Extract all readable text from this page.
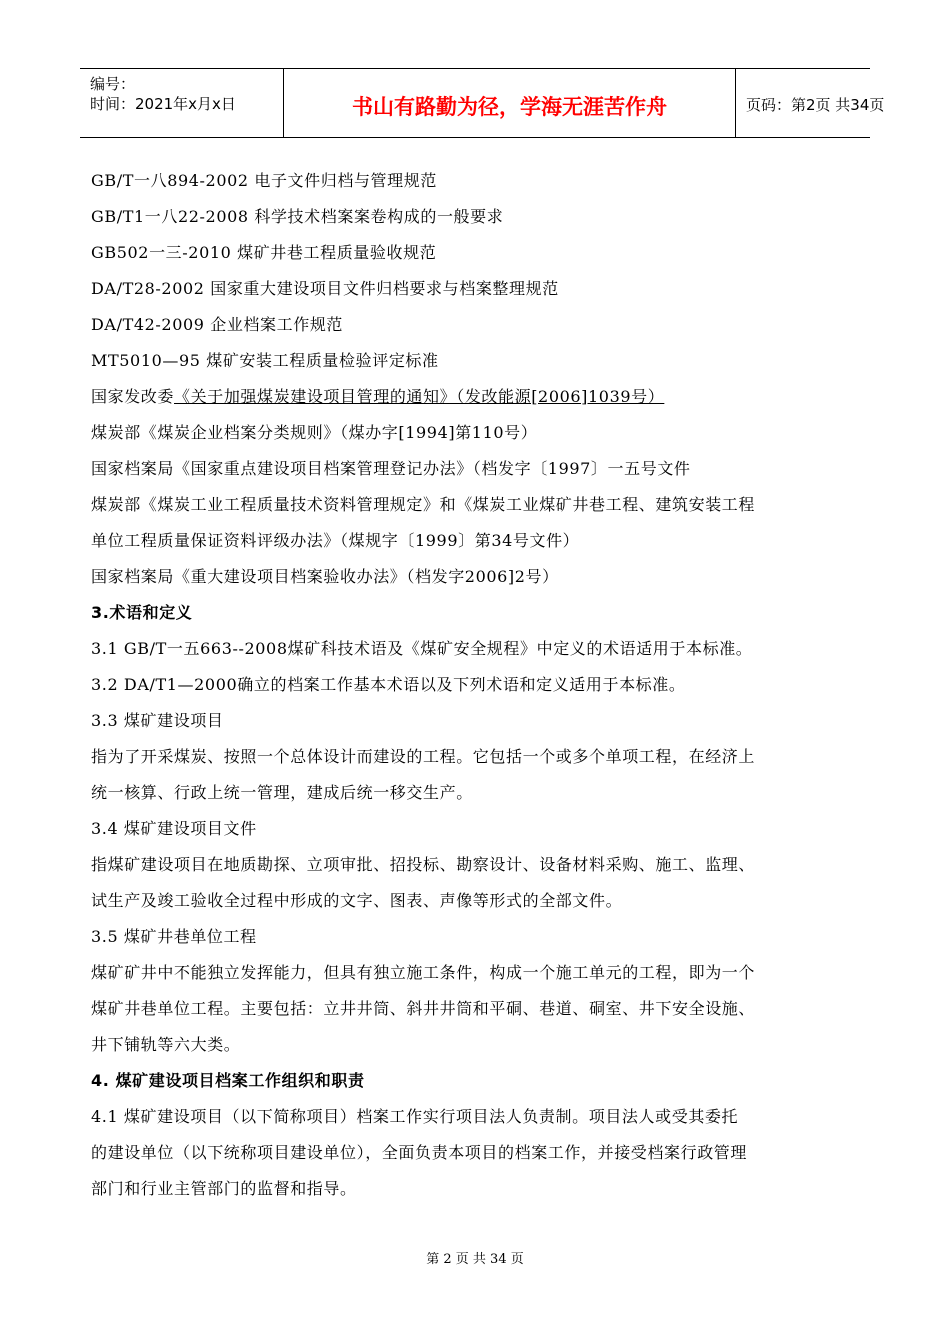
编号：
时间：2021年x月x日	书山有路勤为径，学海无涯苦作舟	页码：第2页 共34页
GB/T一八894-2002 电子文件归档与管理规范
GB/T1一八22-2008 科学技术档案案卷构成的一般要求
GB502一三-2010 煤矿井巷工程质量验收规范
DA/T28-2002 国家重大建设项目文件归档要求与档案整理规范
DA/T42-2009 企业档案工作规范
MT5010—95 煤矿安装工程质量检验评定标准
国家发改委《关于加强煤炭建设项目管理的通知》（发改能源[2006]1039号）
煤炭部《煤炭企业档案分类规则》（煤办字[1994]第110号）
国家档案局《国家重点建设项目档案管理登记办法》（档发字〔1997〕一五号文件
煤炭部《煤炭工业工程质量技术资料管理规定》和《煤炭工业煤矿井巷工程、建筑安装工程
单位工程质量保证资料评级办法》（煤规字〔1999〕第34号文件）
国家档案局《重大建设项目档案验收办法》（档发字2006]2号）
3.术语和定义
3.1 GB/T一五663--2008煤矿科技术语及《煤矿安全规程》中定义的术语适用于本标准。
3.2 DA/T1—2000确立的档案工作基本术语以及下列术语和定义适用于本标准。
3.3 煤矿建设项目
指为了开采煤炭、按照一个总体设计而建设的工程。它包括一个或多个单项工程，在经济上
统一核算、行政上统一管理，建成后统一移交生产。
3.4 煤矿建设项目文件
指煤矿建设项目在地质勘探、立项审批、招投标、勘察设计、设备材料采购、施工、监理、
试生产及竣工验收全过程中形成的文字、图表、声像等形式的全部文件。
3.5 煤矿井巷单位工程
煤矿矿井中不能独立发挥能力，但具有独立施工条件，构成一个施工单元的工程，即为一个
煤矿井巷单位工程。主要包括：立井井筒、斜井井筒和平硐、巷道、硐室、井下安全设施、
井下铺轨等六大类。
4. 煤矿建设项目档案工作组织和职责
4.1 煤矿建设项目（以下简称项目）档案工作实行项目法人负责制。项目法人或受其委托
的建设单位（以下统称项目建设单位），全面负责本项目的档案工作，并接受档案行政管理
部门和行业主管部门的监督和指导。
第 2 页 共 34 页
